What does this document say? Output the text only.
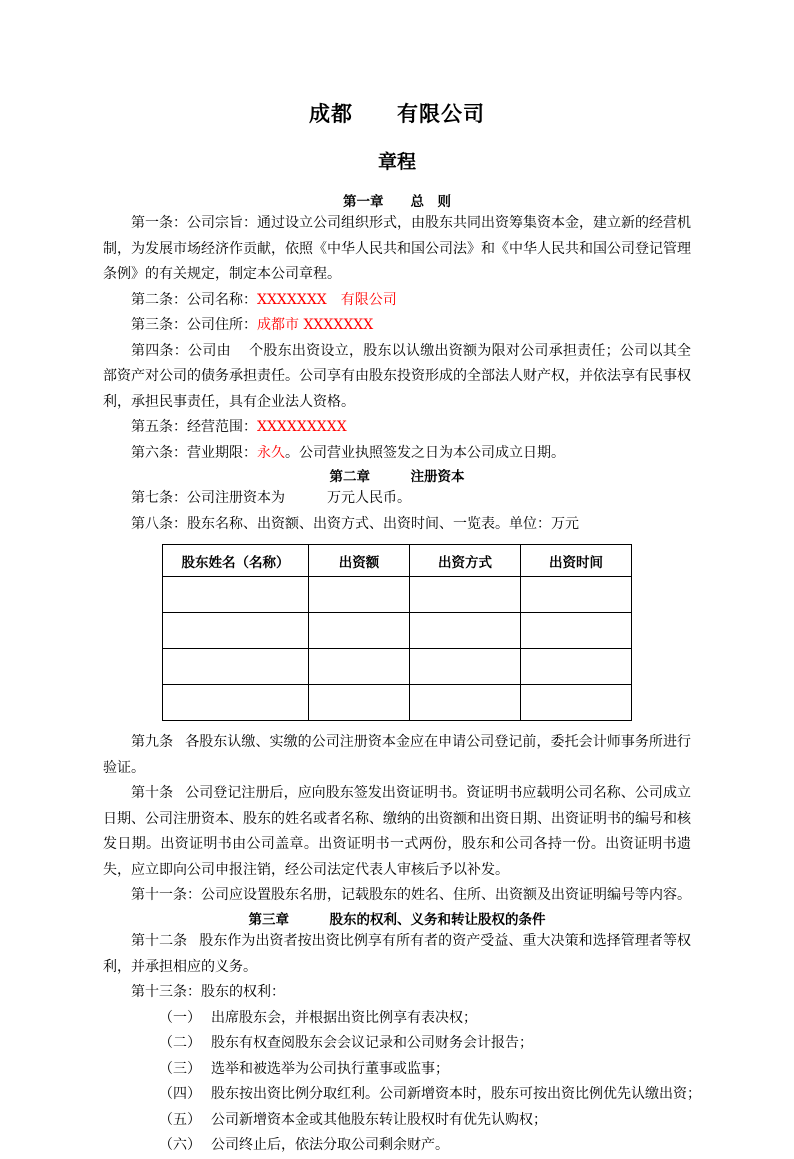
成都　　有限公司
章程
第一章　　总　则

第一条：公司宗旨：通过设立公司组织形式，由股东共同出资筹集资本金，建立新的经营机制，为发展市场经济作贡献，依照《中华人民共和国公司法》和《中华人民共和国公司登记管理条例》的有关规定，制定本公司章程。

第二条：公司名称：XXXXXXX　有限公司

第三条：公司住所：成都市 XXXXXXX

第四条：公司由 个股东出资设立，股东以认缴出资额为限对公司承担责任；公司以其全部资产对公司的债务承担责任。公司享有由股东投资形成的全部法人财产权，并依法享有民事权利，承担民事责任，具有企业法人资格。

第五条：经营范围：XXXXXXXXX

第六条：营业期限：永久。公司营业执照签发之日为本公司成立日期。

第二章　　　注册资本

第七条：公司注册资本为	万元人民币。

第八条：股东名称、出资额、出资方式、出资时间、一览表。单位：万元

股东姓名（名称）	出资额	出资方式	出资时间

第九条 各股东认缴、实缴的公司注册资本金应在申请公司登记前，委托会计师事务所进行验证。

第十条 公司登记注册后，应向股东签发出资证明书。资证明书应载明公司名称、公司成立日期、公司注册资本、股东的姓名或者名称、缴纳的出资额和出资日期、出资证明书的编号和核发日期。出资证明书由公司盖章。出资证明书一式两份，股东和公司各持一份。出资证明书遗失，应立即向公司申报注销，经公司法定代表人审核后予以补发。

第十一条：公司应设置股东名册，记载股东的姓名、住所、出资额及出资证明编号等内容。

第三章　　　股东的权利、义务和转让股权的条件

第十二条 股东作为出资者按出资比例享有所有者的资产受益、重大决策和选择管理者等权利，并承担相应的义务。

第十三条：股东的权利：

（一） 出席股东会，并根据出资比例享有表决权；

（二） 股东有权查阅股东会会议记录和公司财务会计报告；

（三） 选举和被选举为公司执行董事或监事；

（四） 股东按出资比例分取红利。公司新增资本时，股东可按出资比例优先认缴出资；

（五） 公司新增资本金或其他股东转让股权时有优先认购权；

（六） 公司终止后，依法分取公司剩余财产。
